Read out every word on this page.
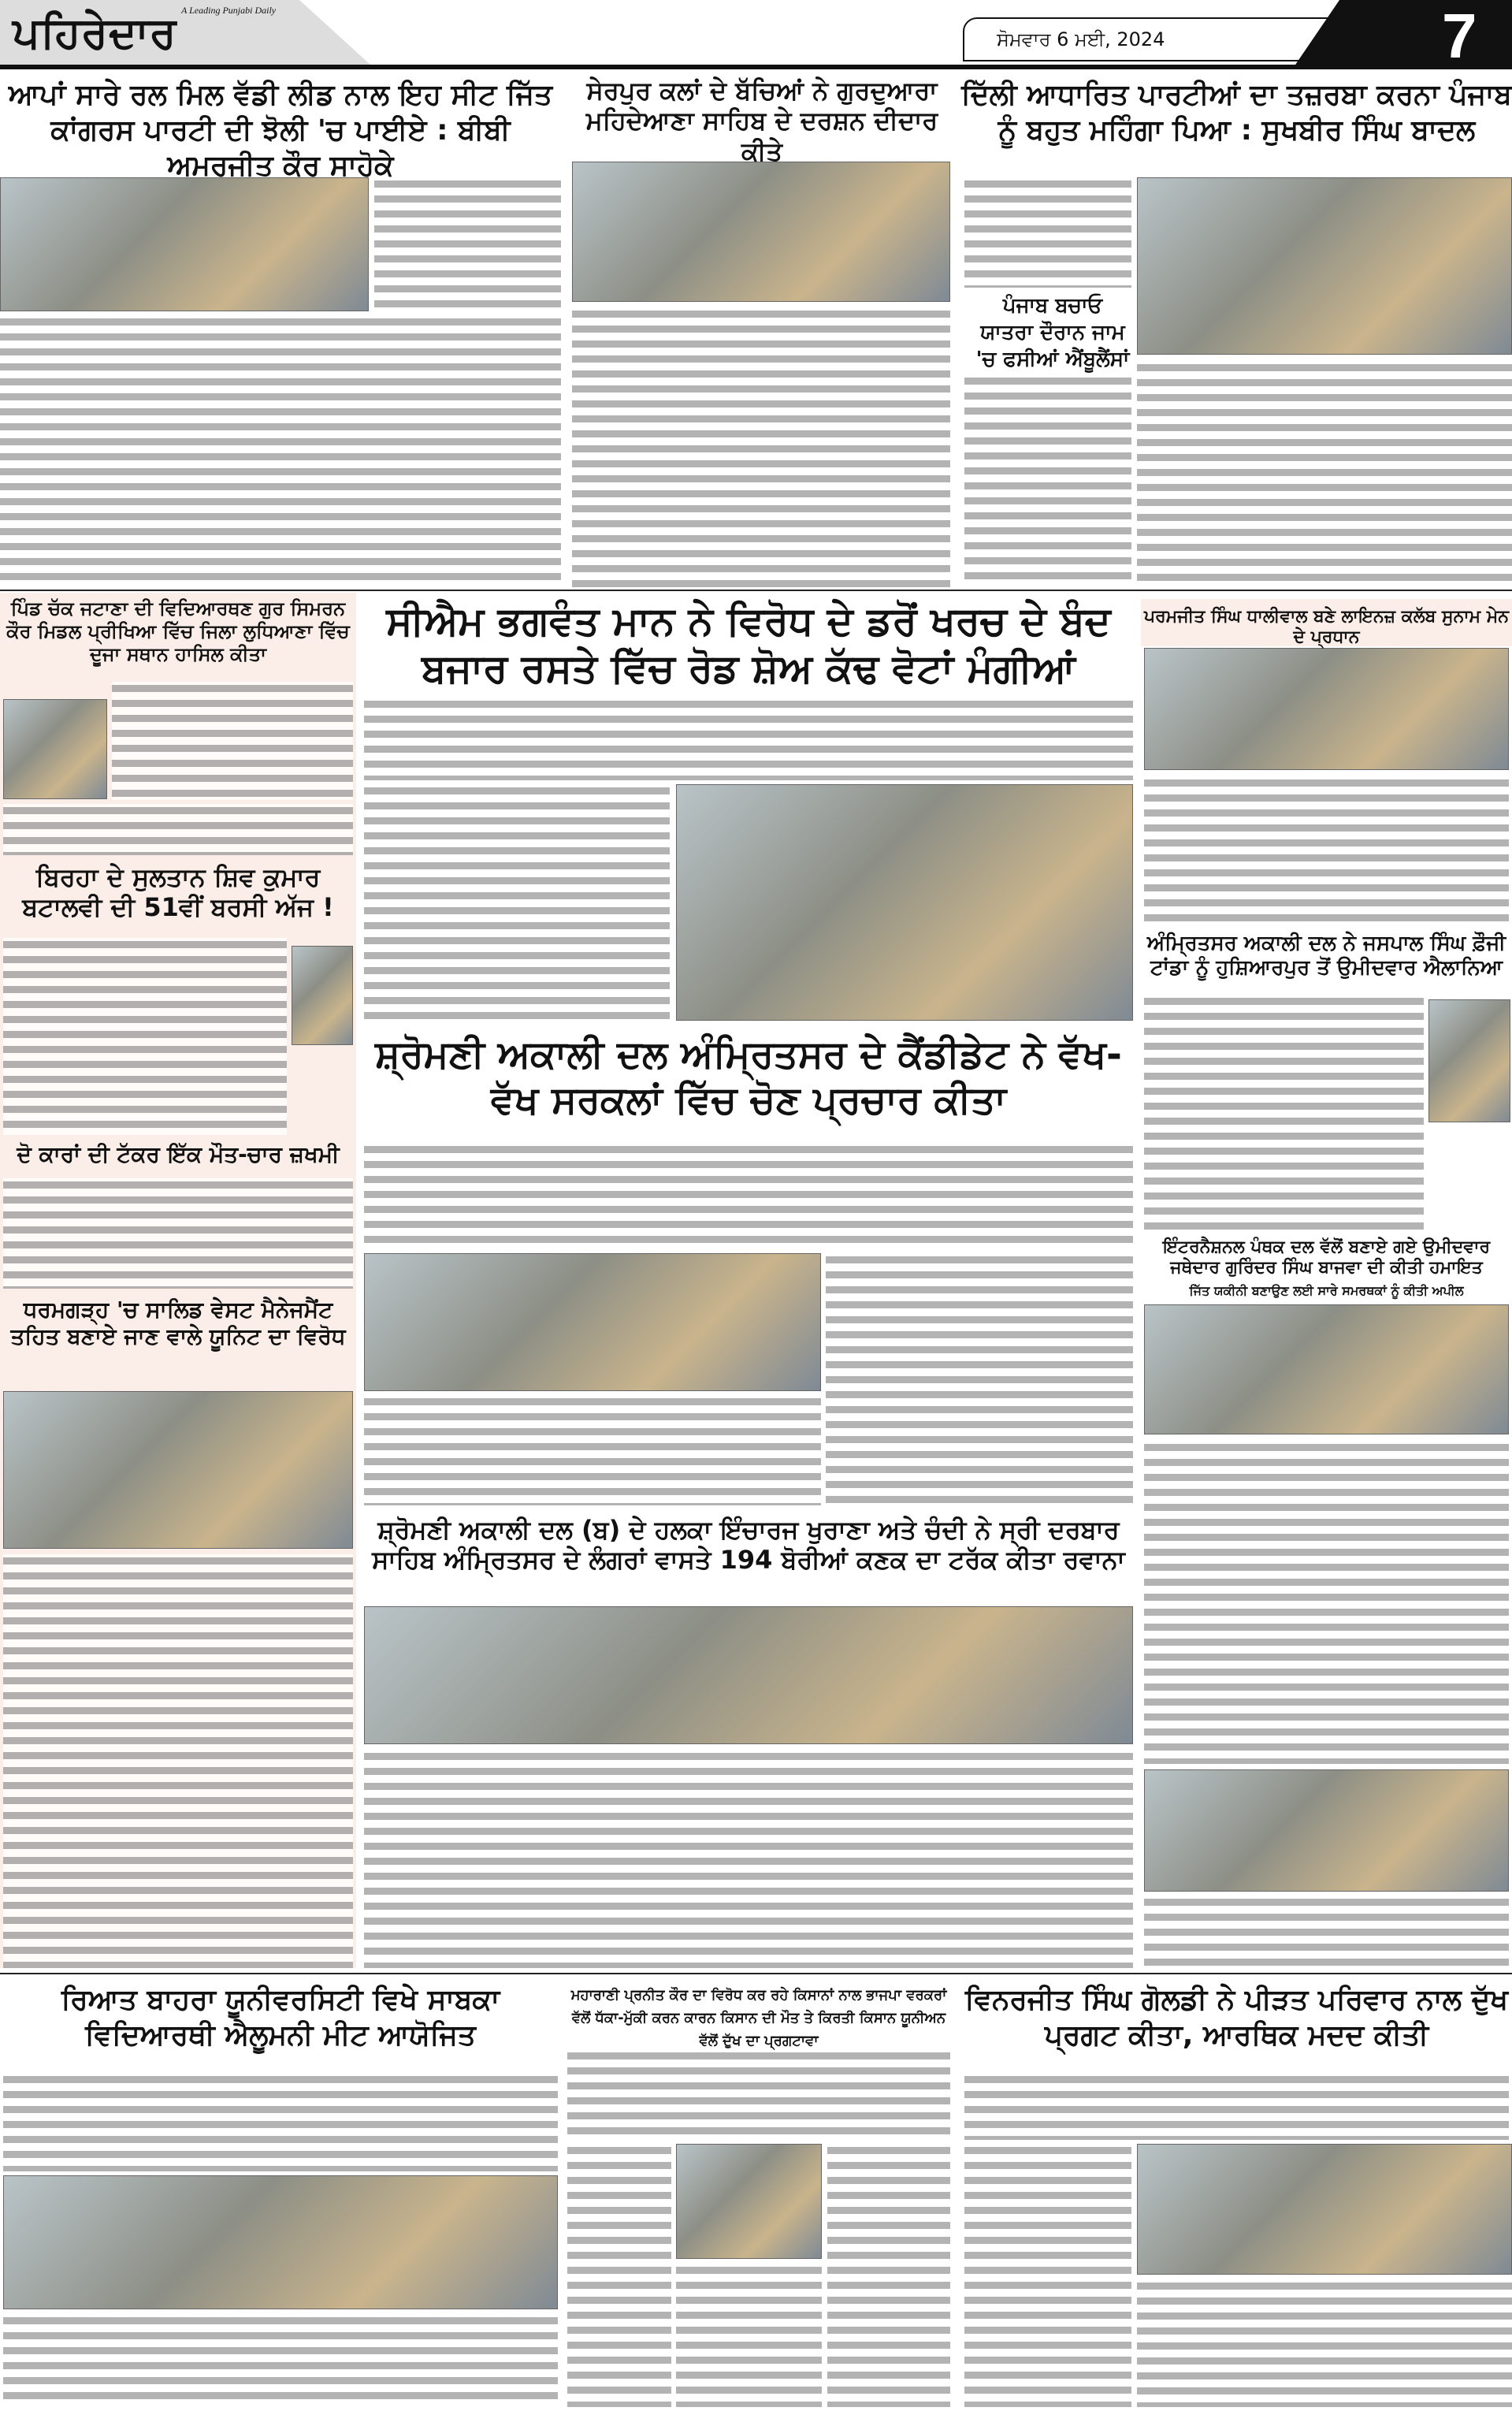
ਪਹਿਰੇਦਾਰ A Leading Punjabi Daily
ਸੋਮਵਾਰ 6 ਮਈ, 2024	7
ਆਪਾਂ ਸਾਰੇ ਰਲ ਮਿਲ ਵੱਡੀ ਲੀਡ ਨਾਲ ਇਹ ਸੀਟ ਜਿੱਤ ਕਾਂਗਰਸ ਪਾਰਟੀ ਦੀ ਝੋਲੀ 'ਚ ਪਾਈਏ : ਬੀਬੀ ਅਮਰਜੀਤ ਕੌਰ ਸਾਹੋਕੇ
ਸੇਰਪੁਰ ਕਲਾਂ ਦੇ ਬੱਚਿਆਂ ਨੇ ਗੁਰਦੁਆਰਾ ਮਹਿਦੇਆਣਾ ਸਾਹਿਬ ਦੇ ਦਰਸ਼ਨ ਦੀਦਾਰ ਕੀਤੇ
ਦਿੱਲੀ ਆਧਾਰਿਤ ਪਾਰਟੀਆਂ ਦਾ ਤਜ਼ਰਬਾ ਕਰਨਾ ਪੰਜਾਬ ਨੂੰ ਬਹੁਤ ਮਹਿੰਗਾ ਪਿਆ : ਸੁਖਬੀਰ ਸਿੰਘ ਬਾਦਲ
ਪੰਜਾਬ ਬਚਾਓ ਯਾਤਰਾ ਦੌਰਾਨ ਜਾਮ 'ਚ ਫਸੀਆਂ ਐਂਬੂਲੈਂਸਾਂ
ਪਿੰਡ ਚੱਕ ਜਟਾਣਾ ਦੀ ਵਿਦਿਆਰਥਣ ਗੁਰ ਸਿਮਰਨ ਕੌਰ ਮਿਡਲ ਪ੍ਰੀਖਿਆ ਵਿੱਚ ਜਿਲਾ ਲੁਧਿਆਣਾ ਵਿੱਚ ਦੂਜਾ ਸਥਾਨ ਹਾਸਿਲ ਕੀਤਾ
ਬਿਰਹਾ ਦੇ ਸੁਲਤਾਨ ਸ਼ਿਵ ਕੁਮਾਰ ਬਟਾਲਵੀ ਦੀ 51ਵੀਂ ਬਰਸੀ ਅੱਜ !
ਦੋ ਕਾਰਾਂ ਦੀ ਟੱਕਰ ਇੱਕ ਮੌਤ-ਚਾਰ ਜ਼ਖਮੀ
ਧਰਮਗੜ੍ਹ 'ਚ ਸਾਲਿਡ ਵੇਸਟ ਮੈਨੇਜਮੈਂਟ ਤਹਿਤ ਬਣਾਏ ਜਾਣ ਵਾਲੇ ਯੂਨਿਟ ਦਾ ਵਿਰੋਧ
ਸੀਐਮ ਭਗਵੰਤ ਮਾਨ ਨੇ ਵਿਰੋਧ ਦੇ ਡਰੋਂ ਖਰਚ ਦੇ ਬੰਦ ਬਜਾਰ ਰਸਤੇ ਵਿੱਚ ਰੋਡ ਸ਼ੋਅ ਕੱਢ ਵੋਟਾਂ ਮੰਗੀਆਂ
ਸ਼੍ਰੋਮਣੀ ਅਕਾਲੀ ਦਲ ਅੰਮ੍ਰਿਤਸਰ ਦੇ ਕੈਂਡੀਡੇਟ ਨੇ ਵੱਖ-ਵੱਖ ਸਰਕਲਾਂ ਵਿੱਚ ਚੋਣ ਪ੍ਰਚਾਰ ਕੀਤਾ
ਸ਼੍ਰੋਮਣੀ ਅਕਾਲੀ ਦਲ (ਬ) ਦੇ ਹਲਕਾ ਇੰਚਾਰਜ ਖੁਰਾਣਾ ਅਤੇ ਚੰਦੀ ਨੇ ਸ੍ਰੀ ਦਰਬਾਰ ਸਾਹਿਬ ਅੰਮ੍ਰਿਤਸਰ ਦੇ ਲੰਗਰਾਂ ਵਾਸਤੇ 194 ਬੋਰੀਆਂ ਕਣਕ ਦਾ ਟਰੱਕ ਕੀਤਾ ਰਵਾਨਾ
ਪਰਮਜੀਤ ਸਿੰਘ ਧਾਲੀਵਾਲ ਬਣੇ ਲਾਇਨਜ਼ ਕਲੱਬ ਸੁਨਾਮ ਮੇਨ ਦੇ ਪ੍ਰਧਾਨ
ਅੰਮ੍ਰਿਤਸਰ ਅਕਾਲੀ ਦਲ ਨੇ ਜਸਪਾਲ ਸਿੰਘ ਫ਼ੌਜੀ ਟਾਂਡਾ ਨੂੰ ਹੁਸ਼ਿਆਰਪੁਰ ਤੋਂ ਉਮੀਦਵਾਰ ਐਲਾਨਿਆ
ਇੰਟਰਨੈਸ਼ਨਲ ਪੰਥਕ ਦਲ ਵੱਲੋਂ ਬਣਾਏ ਗਏ ਉਮੀਦਵਾਰ ਜਥੇਦਾਰ ਗੁਰਿੰਦਰ ਸਿੰਘ ਬਾਜਵਾ ਦੀ ਕੀਤੀ ਹਮਾਇਤ
ਜਿੱਤ ਯਕੀਨੀ ਬਣਾਉਣ ਲਈ ਸਾਰੇ ਸਮਰਥਕਾਂ ਨੂੰ ਕੀਤੀ ਅਪੀਲ
ਰਿਆਤ ਬਾਹਰਾ ਯੂਨੀਵਰਸਿਟੀ ਵਿਖੇ ਸਾਬਕਾ ਵਿਦਿਆਰਥੀ ਐਲੂਮਨੀ ਮੀਟ ਆਯੋਜਿਤ
ਮਹਾਰਾਣੀ ਪ੍ਰਨੀਤ ਕੌਰ ਦਾ ਵਿਰੋਧ ਕਰ ਰਹੇ ਕਿਸਾਨਾਂ ਨਾਲ ਭਾਜਪਾ ਵਰਕਰਾਂ ਵੱਲੋਂ ਧੱਕਾ-ਮੁੱਕੀ ਕਰਨ ਕਾਰਨ ਕਿਸਾਨ ਦੀ ਮੌਤ ਤੇ ਕਿਰਤੀ ਕਿਸਾਨ ਯੂਨੀਅਨ ਵੱਲੋਂ ਦੁੱਖ ਦਾ ਪ੍ਰਗਟਾਵਾ
ਵਿਨਰਜੀਤ ਸਿੰਘ ਗੋਲਡੀ ਨੇ ਪੀੜਤ ਪਰਿਵਾਰ ਨਾਲ ਦੁੱਖ ਪ੍ਰਗਟ ਕੀਤਾ, ਆਰਥਿਕ ਮਦਦ ਕੀਤੀ
